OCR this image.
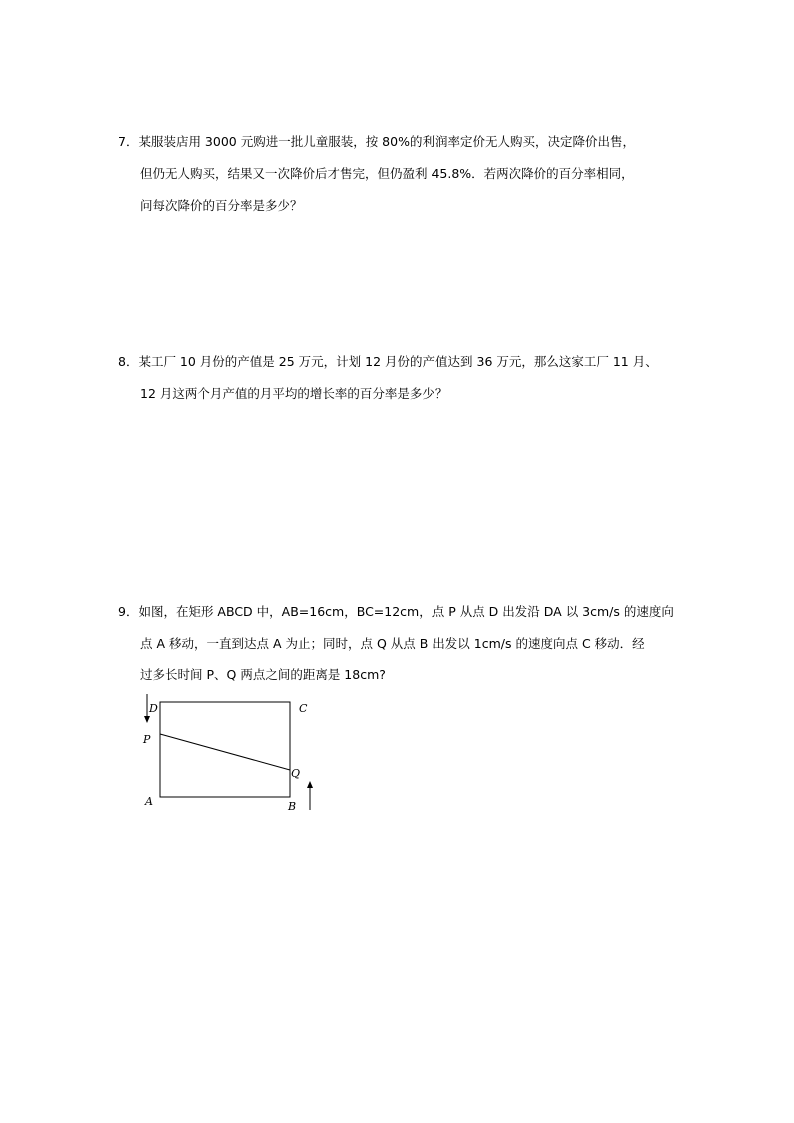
7．某服装店用 3000 元购进一批儿童服装，按 80%的利润率定价无人购买，决定降价出售，
但仍无人购买，结果又一次降价后才售完，但仍盈利 45.8%．若两次降价的百分率相同，
问每次降价的百分率是多少？
8．某工厂 10 月份的产值是 25 万元，计划 12 月份的产值达到 36 万元，那么这家工厂 11 月、
12 月这两个月产值的月平均的增长率的百分率是多少？
9．如图，在矩形 ABCD 中，AB=16cm，BC=12cm，点 P 从点 D 出发沿 DA 以 3cm/s 的速度向
点 A 移动，一直到达点 A 为止；同时，点 Q 从点 B 出发以 1cm/s 的速度向点 C 移动．经
过多长时间 P、Q 两点之间的距离是 18cm?
D	C
P
Q
A	B
